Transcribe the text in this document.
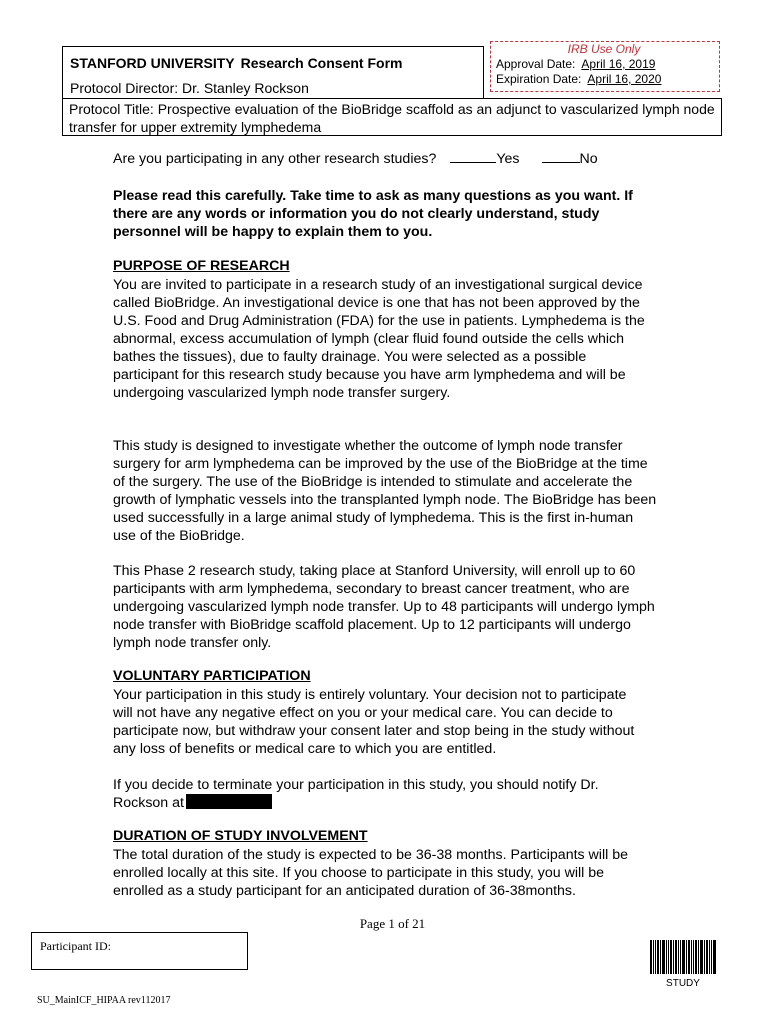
STANFORD UNIVERSITY Research Consent Form
Protocol Director: Dr. Stanley Rockson
IRB Use Only
Approval Date: April 16, 2019
Expiration Date: April 16, 2020
Protocol Title: Prospective evaluation of the BioBridge scaffold as an adjunct to vascularized lymph node transfer for upper extremity lymphedema
Are you participating in any other research studies?	Yes	No
Please read this carefully. Take time to ask as many questions as you want. If there are any words or information you do not clearly understand, study personnel will be happy to explain them to you.
PURPOSE OF RESEARCH
You are invited to participate in a research study of an investigational surgical device called BioBridge. An investigational device is one that has not been approved by the U.S. Food and Drug Administration (FDA) for the use in patients. Lymphedema is the abnormal, excess accumulation of lymph (clear fluid found outside the cells which bathes the tissues), due to faulty drainage. You were selected as a possible participant for this research study because you have arm lymphedema and will be undergoing vascularized lymph node transfer surgery.
This study is designed to investigate whether the outcome of lymph node transfer surgery for arm lymphedema can be improved by the use of the BioBridge at the time of the surgery. The use of the BioBridge is intended to stimulate and accelerate the growth of lymphatic vessels into the transplanted lymph node. The BioBridge has been used successfully in a large animal study of lymphedema. This is the first in-human use of the BioBridge.
This Phase 2 research study, taking place at Stanford University, will enroll up to 60 participants with arm lymphedema, secondary to breast cancer treatment, who are undergoing vascularized lymph node transfer. Up to 48 participants will undergo lymph node transfer with BioBridge scaffold placement. Up to 12 participants will undergo lymph node transfer only.
VOLUNTARY PARTICIPATION
Your participation in this study is entirely voluntary. Your decision not to participate will not have any negative effect on you or your medical care. You can decide to participate now, but withdraw your consent later and stop being in the study without any loss of benefits or medical care to which you are entitled.
If you decide to terminate your participation in this study, you should notify Dr. Rockson at
DURATION OF STUDY INVOLVEMENT
The total duration of the study is expected to be 36-38 months. Participants will be enrolled locally at this site. If you choose to participate in this study, you will be enrolled as a study participant for an anticipated duration of 36-38months.
Page 1 of 21
Participant ID:
SU_MainICF_HIPAA rev112017
STUDY
